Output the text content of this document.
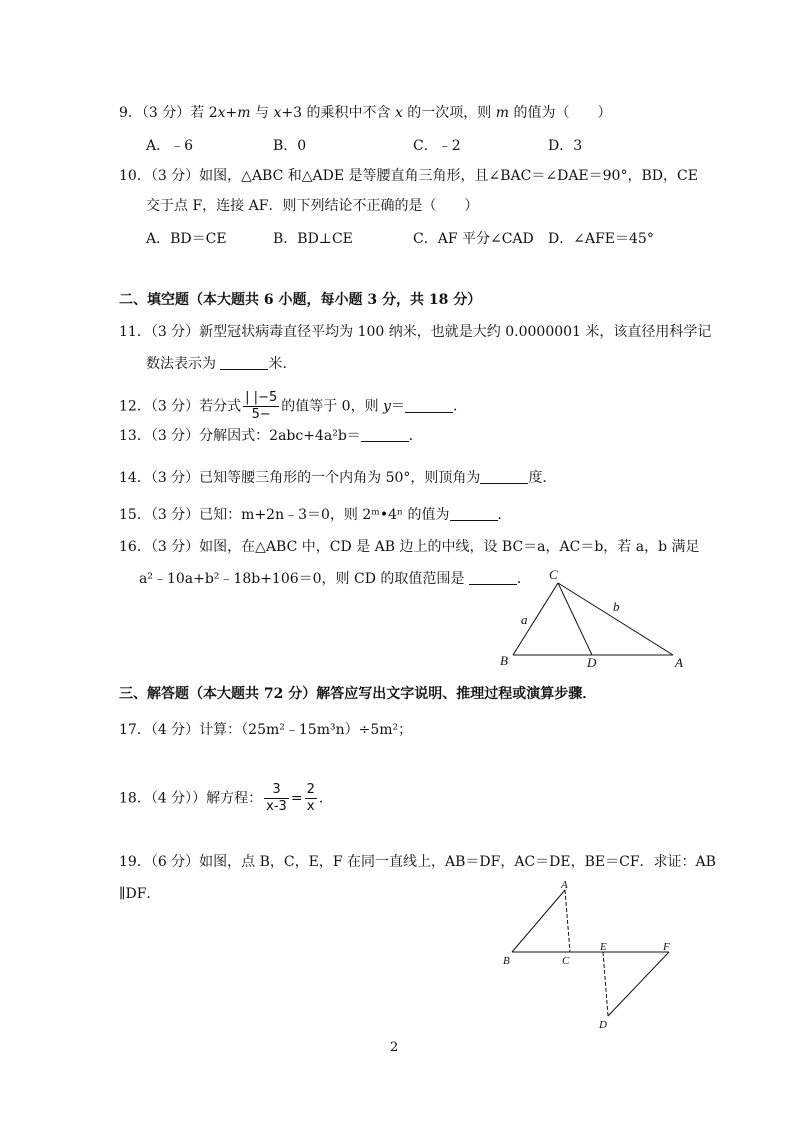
9．（3 分）若 2x+m 与 x+3 的乘积中不含 x 的一次项，则 m 的值为（　　）
A．﹣6	B．0	C．﹣2	D．3
10．（3 分）如图，△ABC 和△ADE 是等腰直角三角形，且∠BAC＝∠DAE＝90°，BD，CE
交于点 F，连接 AF．则下列结论不正确的是（　　）
A．BD＝CE	B．BD⊥CE	C．AF 平分∠CAD D．∠AFE＝45°
二、填空题（本大题共 6 小题，每小题 3 分，共 18 分）
11．（3 分）新型冠状病毒直径平均为 100 纳米，也就是大约 0.0000001 米，该直径用科学记
数法表示为	米．
12．（3 分）若分式 $\frac{| |-5}{5-}$ 的值等于 0，则 y＝	．
13．（3 分）分解因式：2abc+4a²b＝	．
14．（3 分）已知等腰三角形的一个内角为 50°，则顶角为	度．
15．（3 分）已知：m+2n﹣3＝0，则 2ᵐ•4ⁿ 的值为	．
16．（3 分）如图，在△ABC 中，CD 是 AB 边上的中线，设 BC＝a，AC＝b，若 a，b 满足
a²﹣10a+b²﹣18b+106＝0，则 CD 的取值范围是	． C
B	D	A
a
b
三、解答题（本大题共 72 分）解答应写出文字说明、推理过程或演算步骤．
17．（4 分）计算：（25m²﹣15m³n）÷5m²；
18．（4 分））解方程： $\frac{3}{x-3} = \frac{2}{x}$ ．
19．（6 分）如图，点 B，C，E，F 在同一直线上，AB＝DF，AC＝DE，BE＝CF．求证：AB
∥DF．
A
B	C
E	F
D
2
